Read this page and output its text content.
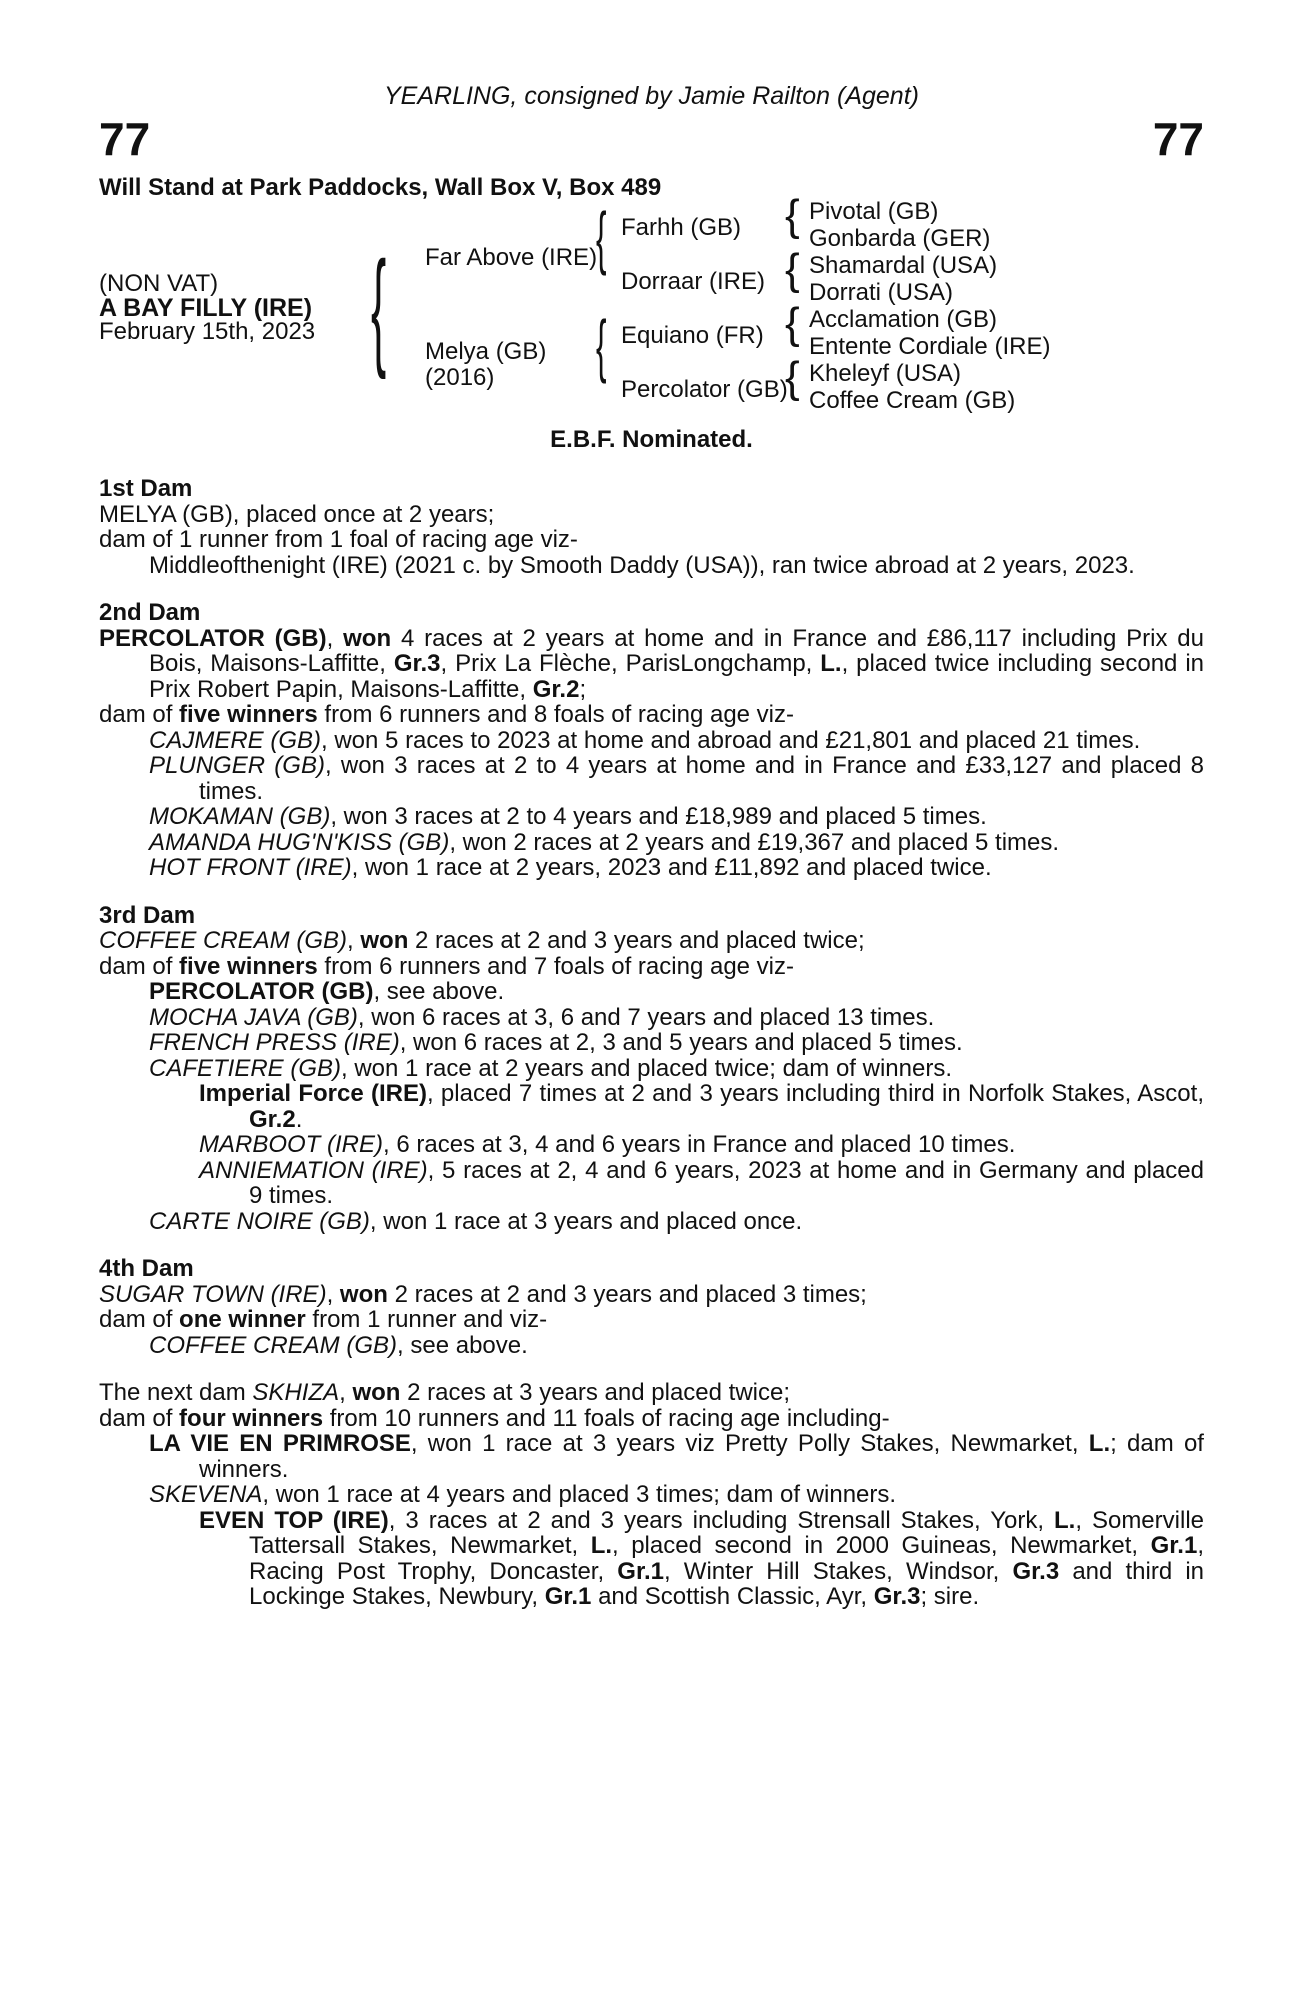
YEARLING, consigned by Jamie Railton (Agent)
77	77
Will Stand at Park Paddocks, Wall Box V, Box 489
(NON VAT)
A BAY FILLY (IRE)
February 15th, 2023 { Far Above (IRE)
Melya (GB)
(2016)
{
{
Farhh (GB)
Dorraar (IRE)
Equiano (FR)
Percolator (GB)
{
{
{
{
Pivotal (GB)
Gonbarda (GER)
Shamardal (USA)
Dorrati (USA)
Acclamation (GB)
Entente Cordiale (IRE)
Kheleyf (USA)
Coffee Cream (GB)
E.B.F. Nominated.

1st Dam

MELYA (GB), placed once at 2 years;

dam of 1 runner from 1 foal of racing age viz-

Middleofthenight (IRE) (2021 c. by Smooth Daddy (USA)), ran twice abroad at 2 years, 2023.

2nd Dam

PERCOLATOR (GB), won 4 races at 2 years at home and in France and £86,117 including Prix du Bois, Maisons-Laffitte, Gr.3, Prix La Flèche, ParisLongchamp, L., placed twice including second in Prix Robert Papin, Maisons-Laffitte, Gr.2;

dam of five winners from 6 runners and 8 foals of racing age viz-

CAJMERE (GB), won 5 races to 2023 at home and abroad and £21,801 and placed 21 times.

PLUNGER (GB), won 3 races at 2 to 4 years at home and in France and £33,127 and placed 8 times.

MOKAMAN (GB), won 3 races at 2 to 4 years and £18,989 and placed 5 times.

AMANDA HUG'N'KISS (GB), won 2 races at 2 years and £19,367 and placed 5 times.

HOT FRONT (IRE), won 1 race at 2 years, 2023 and £11,892 and placed twice.

3rd Dam

COFFEE CREAM (GB), won 2 races at 2 and 3 years and placed twice;

dam of five winners from 6 runners and 7 foals of racing age viz-

PERCOLATOR (GB), see above.

MOCHA JAVA (GB), won 6 races at 3, 6 and 7 years and placed 13 times.

FRENCH PRESS (IRE), won 6 races at 2, 3 and 5 years and placed 5 times.

CAFETIERE (GB), won 1 race at 2 years and placed twice; dam of winners.

Imperial Force (IRE), placed 7 times at 2 and 3 years including third in Norfolk Stakes, Ascot, Gr.2.

MARBOOT (IRE), 6 races at 3, 4 and 6 years in France and placed 10 times.

ANNIEMATION (IRE), 5 races at 2, 4 and 6 years, 2023 at home and in Germany and placed 9 times.

CARTE NOIRE (GB), won 1 race at 3 years and placed once.

4th Dam

SUGAR TOWN (IRE), won 2 races at 2 and 3 years and placed 3 times;

dam of one winner from 1 runner and viz-

COFFEE CREAM (GB), see above.

The next dam SKHIZA, won 2 races at 3 years and placed twice;

dam of four winners from 10 runners and 11 foals of racing age including-

LA VIE EN PRIMROSE, won 1 race at 3 years viz Pretty Polly Stakes, Newmarket, L.; dam of winners.

SKEVENA, won 1 race at 4 years and placed 3 times; dam of winners.

EVEN TOP (IRE), 3 races at 2 and 3 years including Strensall Stakes, York, L., Somerville Tattersall Stakes, Newmarket, L., placed second in 2000 Guineas, Newmarket, Gr.1, Racing Post Trophy, Doncaster, Gr.1, Winter Hill Stakes, Windsor, Gr.3 and third in Lockinge Stakes, Newbury, Gr.1 and Scottish Classic, Ayr, Gr.3; sire.
